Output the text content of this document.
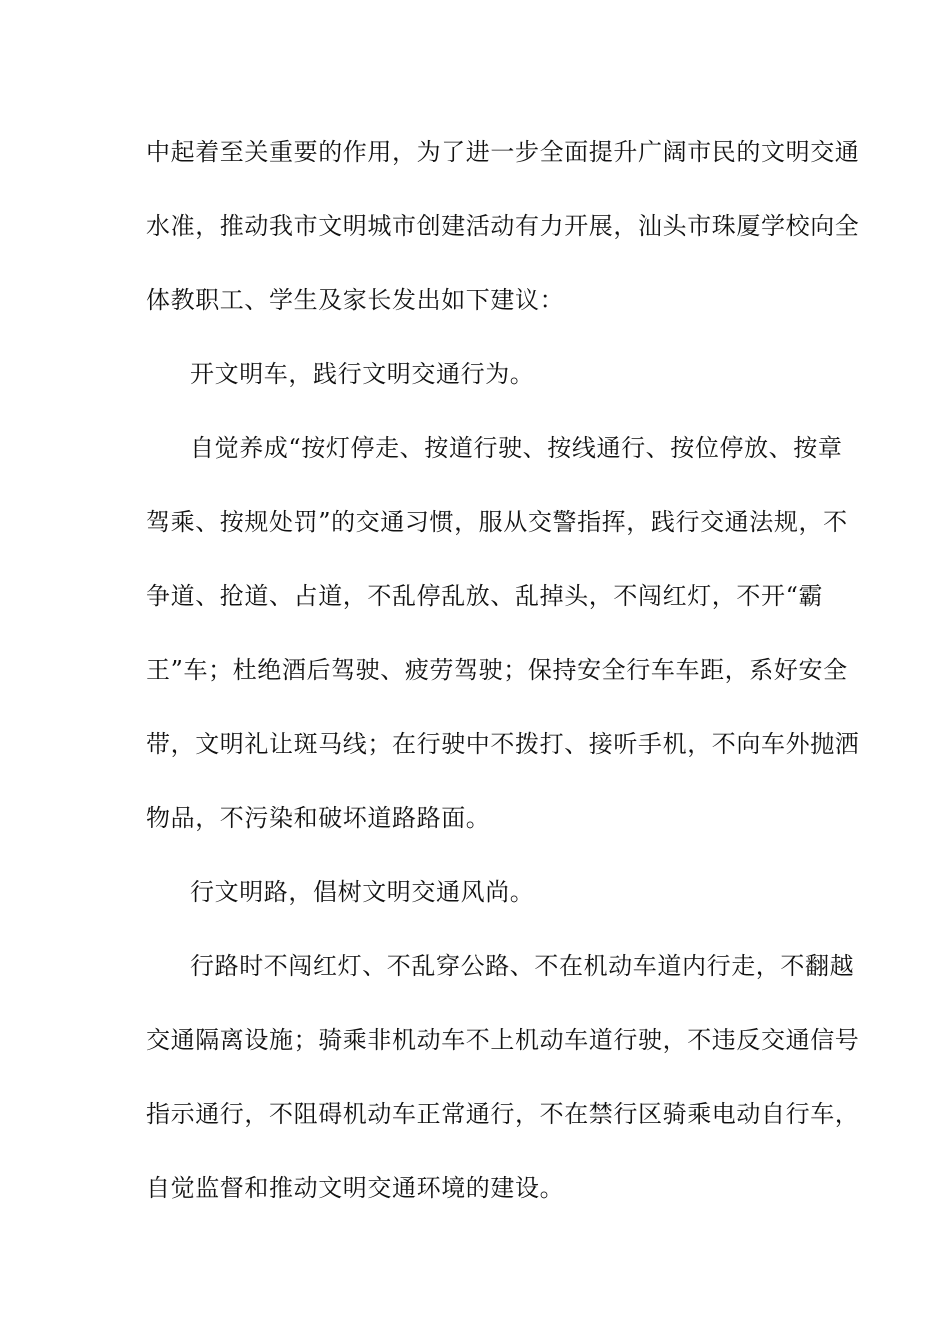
中起着至关重要的作用，为了进一步全面提升广阔市民的文明交通
水准，推动我市文明城市创建活动有力开展，汕头市珠厦学校向全
体教职工、学生及家长发出如下建议：
开文明车，践行文明交通行为。
自觉养成“按灯停走、按道行驶、按线通行、按位停放、按章
驾乘、按规处罚”的交通习惯，服从交警指挥，践行交通法规，不
争道、抢道、占道，不乱停乱放、乱掉头，不闯红灯，不开“霸
王”车；杜绝酒后驾驶、疲劳驾驶；保持安全行车车距，系好安全
带，文明礼让斑马线；在行驶中不拨打、接听手机，不向车外抛洒
物品，不污染和破坏道路路面。
行文明路，倡树文明交通风尚。
行路时不闯红灯、不乱穿公路、不在机动车道内行走，不翻越
交通隔离设施；骑乘非机动车不上机动车道行驶，不违反交通信号
指示通行，不阻碍机动车正常通行，不在禁行区骑乘电动自行车，
自觉监督和推动文明交通环境的建设。
